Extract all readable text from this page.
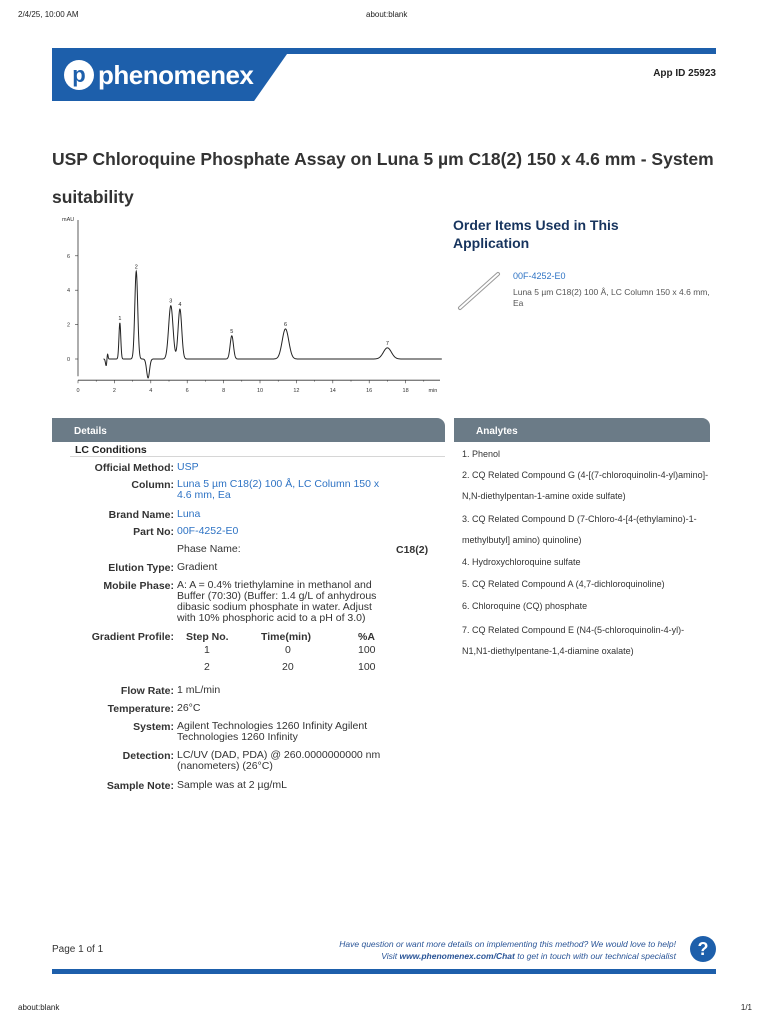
2/4/25, 10:00 AM	about:blank
p phenomenex	App ID 25923
USP Chloroquine Phosphate Assay on Luna 5 µm C18(2) 150 x 4.6 mm - System suitability
mAU
0
2
4
6
0	2	4	6	8	10	12	14	16	18	min
1
2
3
4
5
6
7
Order Items Used in This Application
00F-4252-E0
Luna 5 µm C18(2) 100 Å, LC Column 150 x 4.6 mm, Ea
Details
LC Conditions
Official Method: USP
Column: Luna 5 µm C18(2) 100 Å, LC Column 150 x 4.6 mm, Ea
Brand Name: Luna
Part No: 00F-4252-E0
Phase Name:	C18(2)
Elution Type: Gradient
Mobile Phase: A: A = 0.4% triethylamine in methanol and Buffer (70:30) (Buffer: 1.4 g/L of anhydrous dibasic sodium phosphate in water. Adjust with 10% phosphoric acid to a pH of 3.0)
Gradient Profile: Step No.	Time(min)	%A
1	0	100
2	20	100
Flow Rate: 1 mL/min
Temperature: 26°C
System: Agilent Technologies 1260 Infinity Agilent Technologies 1260 Infinity
Detection: LC/UV (DAD, PDA) @ 260.0000000000 nm (nanometers) (26°C)
Sample Note: Sample was at 2 µg/mL
Analytes
1. Phenol
2. CQ Related Compound G (4-[(7-chloroquinolin-4-yl)amino]-N,N-diethylpentan-1-amine oxide sulfate)
3. CQ Related Compound D (7-Chloro-4-[4-(ethylamino)-1-methylbutyl] amino) quinoline)
4. Hydroxychloroquine sulfate
5. CQ Related Compound A (4,7-dichloroquinoline)
6. Chloroquine (CQ) phosphate
7. CQ Related Compound E (N4-(5-chloroquinolin-4-yl)-N1,N1-diethylpentane-1,4-diamine oxalate)
Page 1 of 1	Have question or want more details on implementing this method? We would love to help!
Visit www.phenomenex.com/Chat to get in touch with our technical specialist	?
about:blank	1/1
